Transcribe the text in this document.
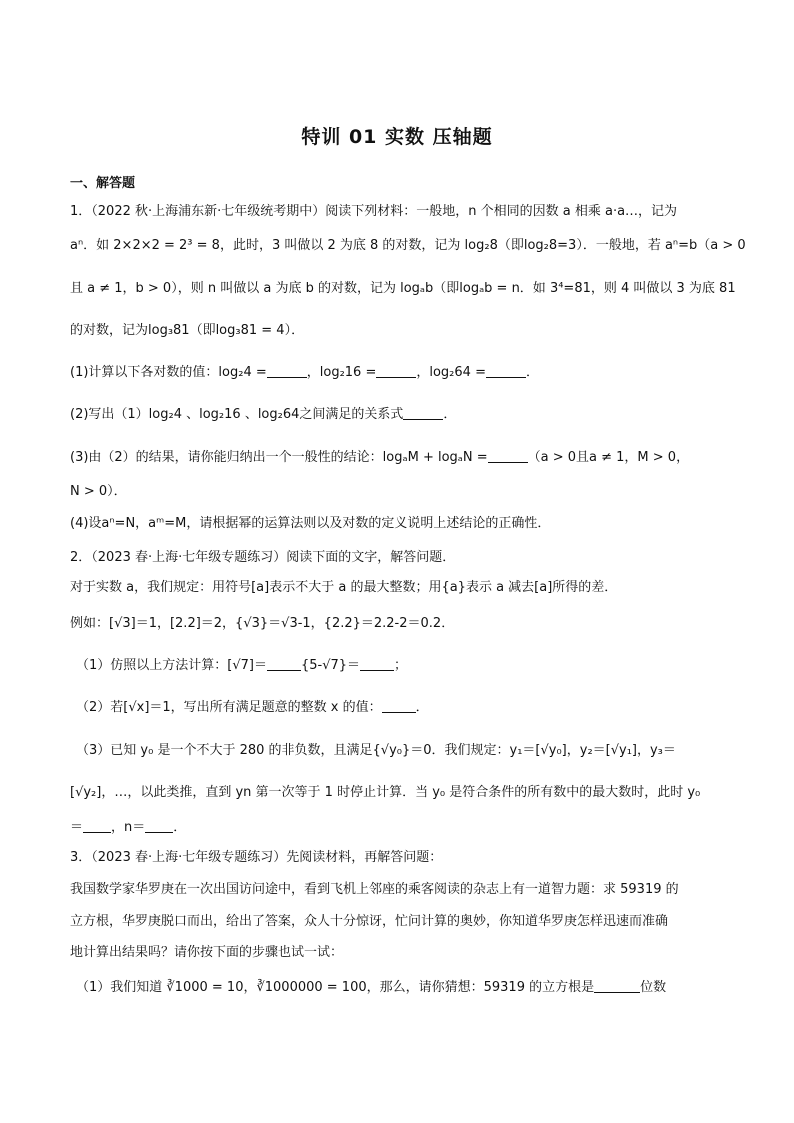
特训 01 实数 压轴题
一、解答题
1．（2022 秋·上海浦东新·七年级统考期中）阅读下列材料：一般地，n 个相同的因数 a 相乘 a·a…，记为
aⁿ．如 2×2×2 = 2³ = 8，此时，3 叫做以 2 为底 8 的对数，记为 log₂8（即log₂8=3）．一般地，若 aⁿ=b（a > 0
且 a ≠ 1，b > 0），则 n 叫做以 a 为底 b 的对数，记为 logₐb（即logₐb = n．如 3⁴=81，则 4 叫做以 3 为底 81
的对数，记为log₃81（即log₃81 = 4）．
(1)计算以下各对数的值：log₂4 =	，log₂16 =	，log₂64 =	．
(2)写出（1）log₂4 、log₂16 、log₂64之间满足的关系式	．
(3)由（2）的结果，请你能归纳出一个一般性的结论：logₐM + logₐN =	（a > 0且a ≠ 1，M > 0，
N > 0）．
(4)设aⁿ=N，aᵐ=M，请根据幂的运算法则以及对数的定义说明上述结论的正确性．
2．（2023 春·上海·七年级专题练习）阅读下面的文字，解答问题．
对于实数 a，我们规定：用符号[a]表示不大于 a 的最大整数；用{a}表示 a 减去[a]所得的差．
例如：[√3]＝1，[2.2]＝2，{√3}＝√3-1，{2.2}＝2.2-2＝0.2．
（1）仿照以上方法计算：[√7]＝	{5-√7}＝	；
（2）若[√x]＝1，写出所有满足题意的整数 x 的值：	．
（3）已知 y₀ 是一个不大于 280 的非负数，且满足{√y₀}＝0．我们规定：y₁＝[√y₀]，y₂＝[√y₁]，y₃＝
[√y₂]，…，以此类推，直到 yn 第一次等于 1 时停止计算．当 y₀ 是符合条件的所有数中的最大数时，此时 y₀
＝ ，n＝ ．
3．（2023 春·上海·七年级专题练习）先阅读材料，再解答问题：
我国数学家华罗庚在一次出国访问途中，看到飞机上邻座的乘客阅读的杂志上有一道智力题：求 59319 的
立方根，华罗庚脱口而出，给出了答案，众人十分惊讶，忙问计算的奥妙，你知道华罗庚怎样迅速而准确
地计算出结果吗？请你按下面的步骤也试一试：
（1）我们知道 ∛1000 = 10，∛1000000 = 100，那么，请你猜想：59319 的立方根是	位数
